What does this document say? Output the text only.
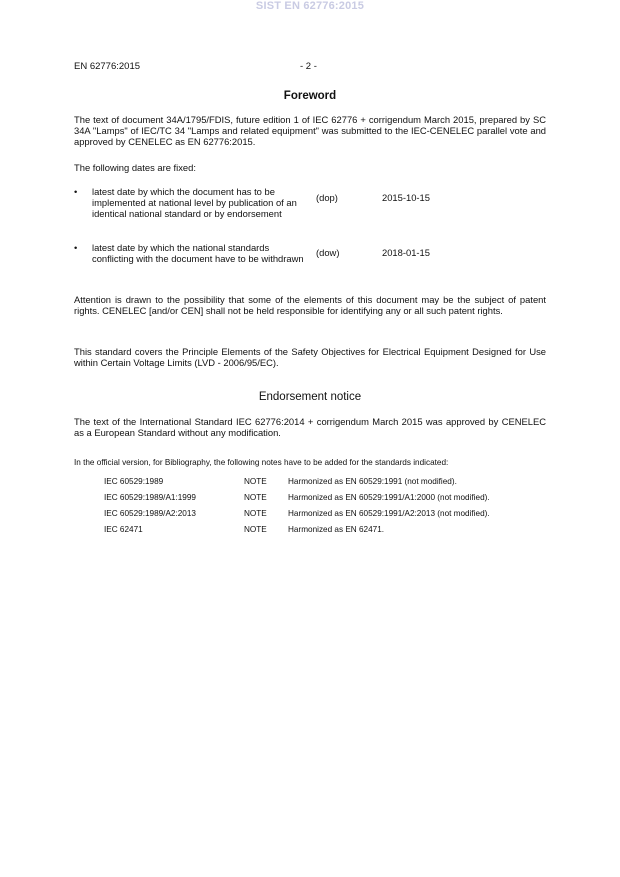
SIST EN 62776:2015
EN 62776:2015	- 2 -
Foreword

The text of document 34A/1795/FDIS, future edition 1 of IEC 62776 + corrigendum March 2015, prepared by SC 34A "Lamps" of IEC/TC 34 "Lamps and related equipment" was submitted to the IEC-CENELEC parallel vote and approved by CENELEC as EN 62776:2015.

The following dates are fixed:

• latest date by which the document has to be implemented at national level by publication of an identical national standard or by endorsement
(dop)	2015-10-15
• latest date by which the national standards conflicting with the document have to be withdrawn
(dow)	2018-01-15

Attention is drawn to the possibility that some of the elements of this document may be the subject of patent rights. CENELEC [and/or CEN] shall not be held responsible for identifying any or all such patent rights.

This standard covers the Principle Elements of the Safety Objectives for Electrical Equipment Designed for Use within Certain Voltage Limits (LVD - 2006/95/EC).

Endorsement notice

The text of the International Standard IEC 62776:2014 + corrigendum March 2015 was approved by CENELEC as a European Standard without any modification.

In the official version, for Bibliography, the following notes have to be added for the standards indicated:
IEC 60529:1989	NOTE	Harmonized as EN 60529:1991 (not modified).
IEC 60529:1989/A1:1999	NOTE	Harmonized as EN 60529:1991/A1:2000 (not modified).
IEC 60529:1989/A2:2013	NOTE	Harmonized as EN 60529:1991/A2:2013 (not modified).
IEC 62471	NOTE	Harmonized as EN 62471.
